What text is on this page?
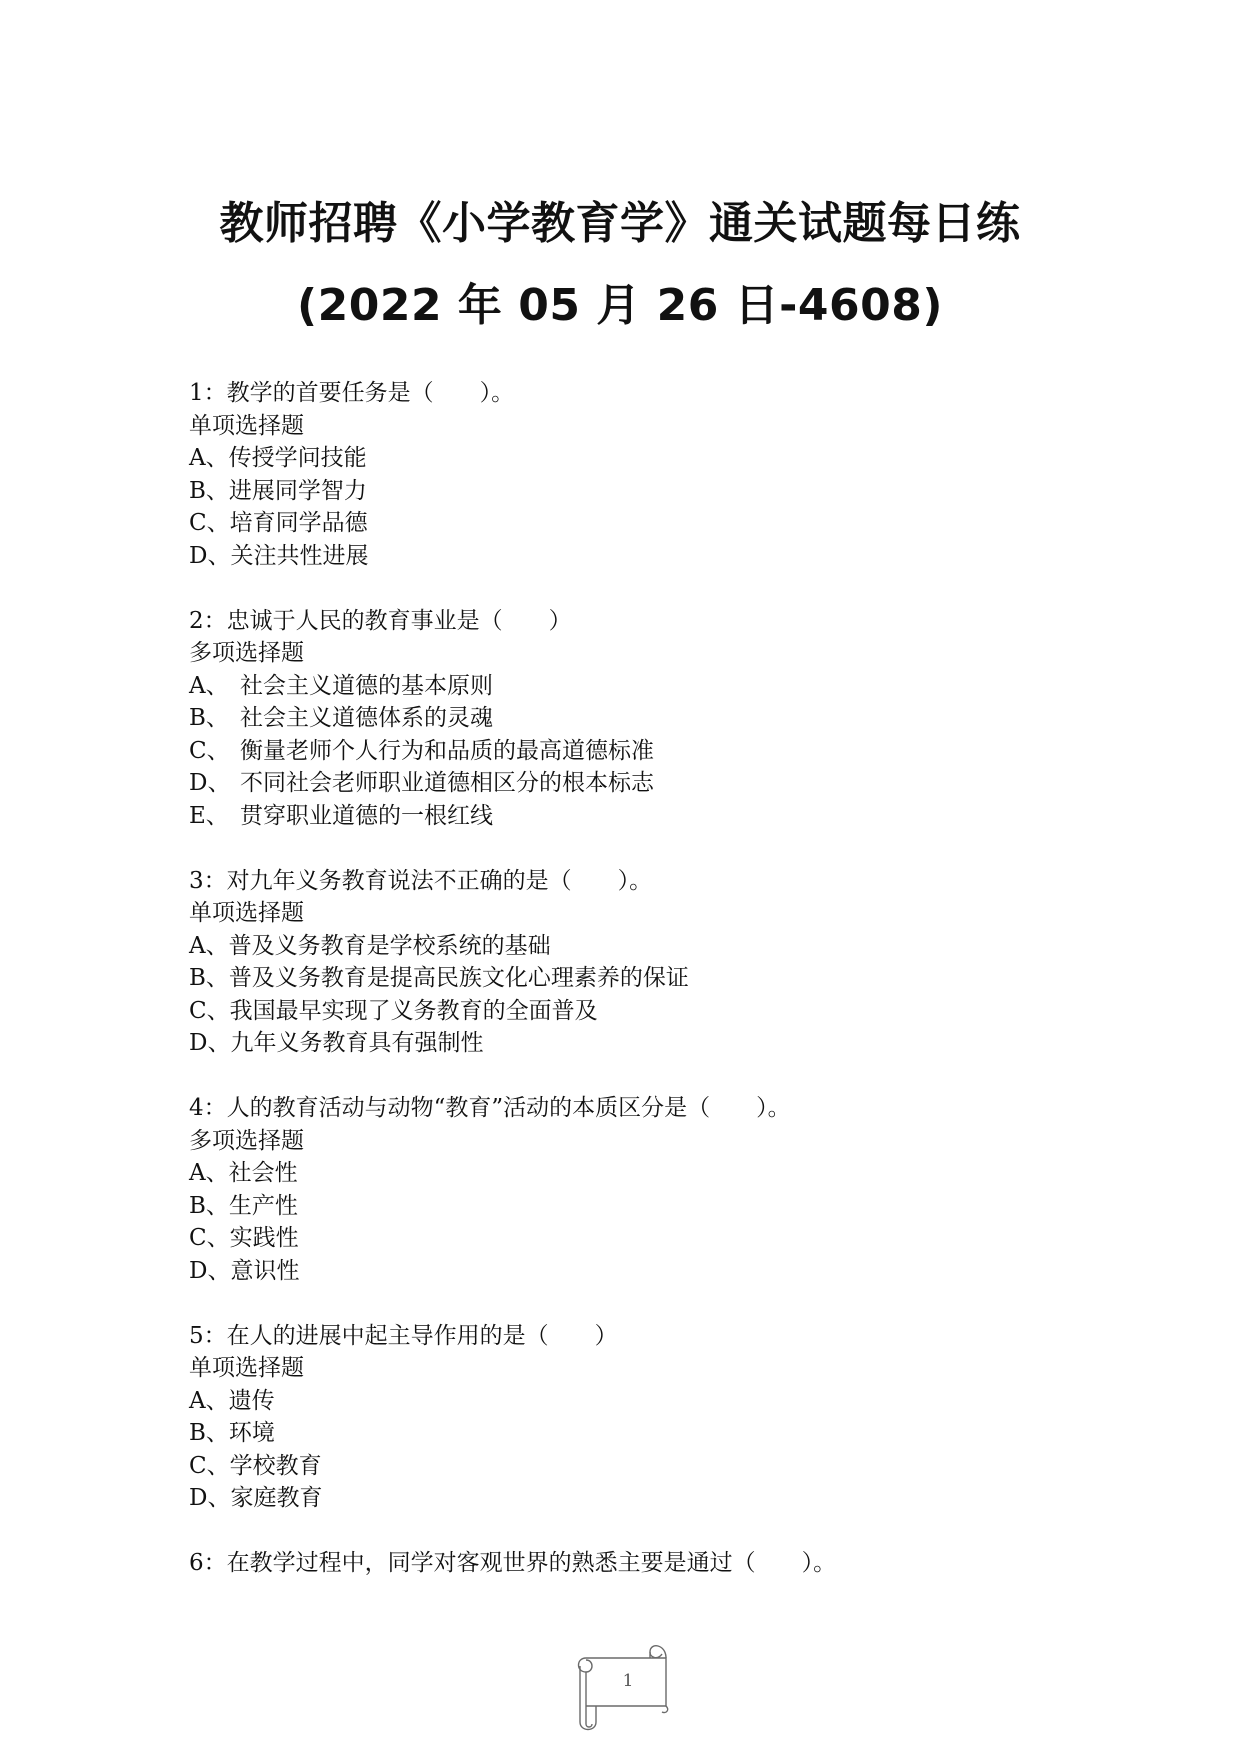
教师招聘《小学教育学》通关试题每日练
(2022 年 05 月 26 日-4608)
1：教学的首要任务是（　　）。
单项选择题
A、传授学问技能
B、进展同学智力
C、培育同学品德
D、关注共性进展
2：忠诚于人民的教育事业是（　　）
多项选择题
A、 社会主义道德的基本原则
B、 社会主义道德体系的灵魂
C、 衡量老师个人行为和品质的最高道德标准
D、 不同社会老师职业道德相区分的根本标志
E、 贯穿职业道德的一根红线
3：对九年义务教育说法不正确的是（　　）。
单项选择题
A、普及义务教育是学校系统的基础
B、普及义务教育是提高民族文化心理素养的保证
C、我国最早实现了义务教育的全面普及
D、九年义务教育具有强制性
4：人的教育活动与动物“教育”活动的本质区分是（　　）。
多项选择题
A、社会性
B、生产性
C、实践性
D、意识性
5：在人的进展中起主导作用的是（　　）
单项选择题
A、遗传
B、环境
C、学校教育
D、家庭教育
6：在教学过程中，同学对客观世界的熟悉主要是通过（　　）。
1
